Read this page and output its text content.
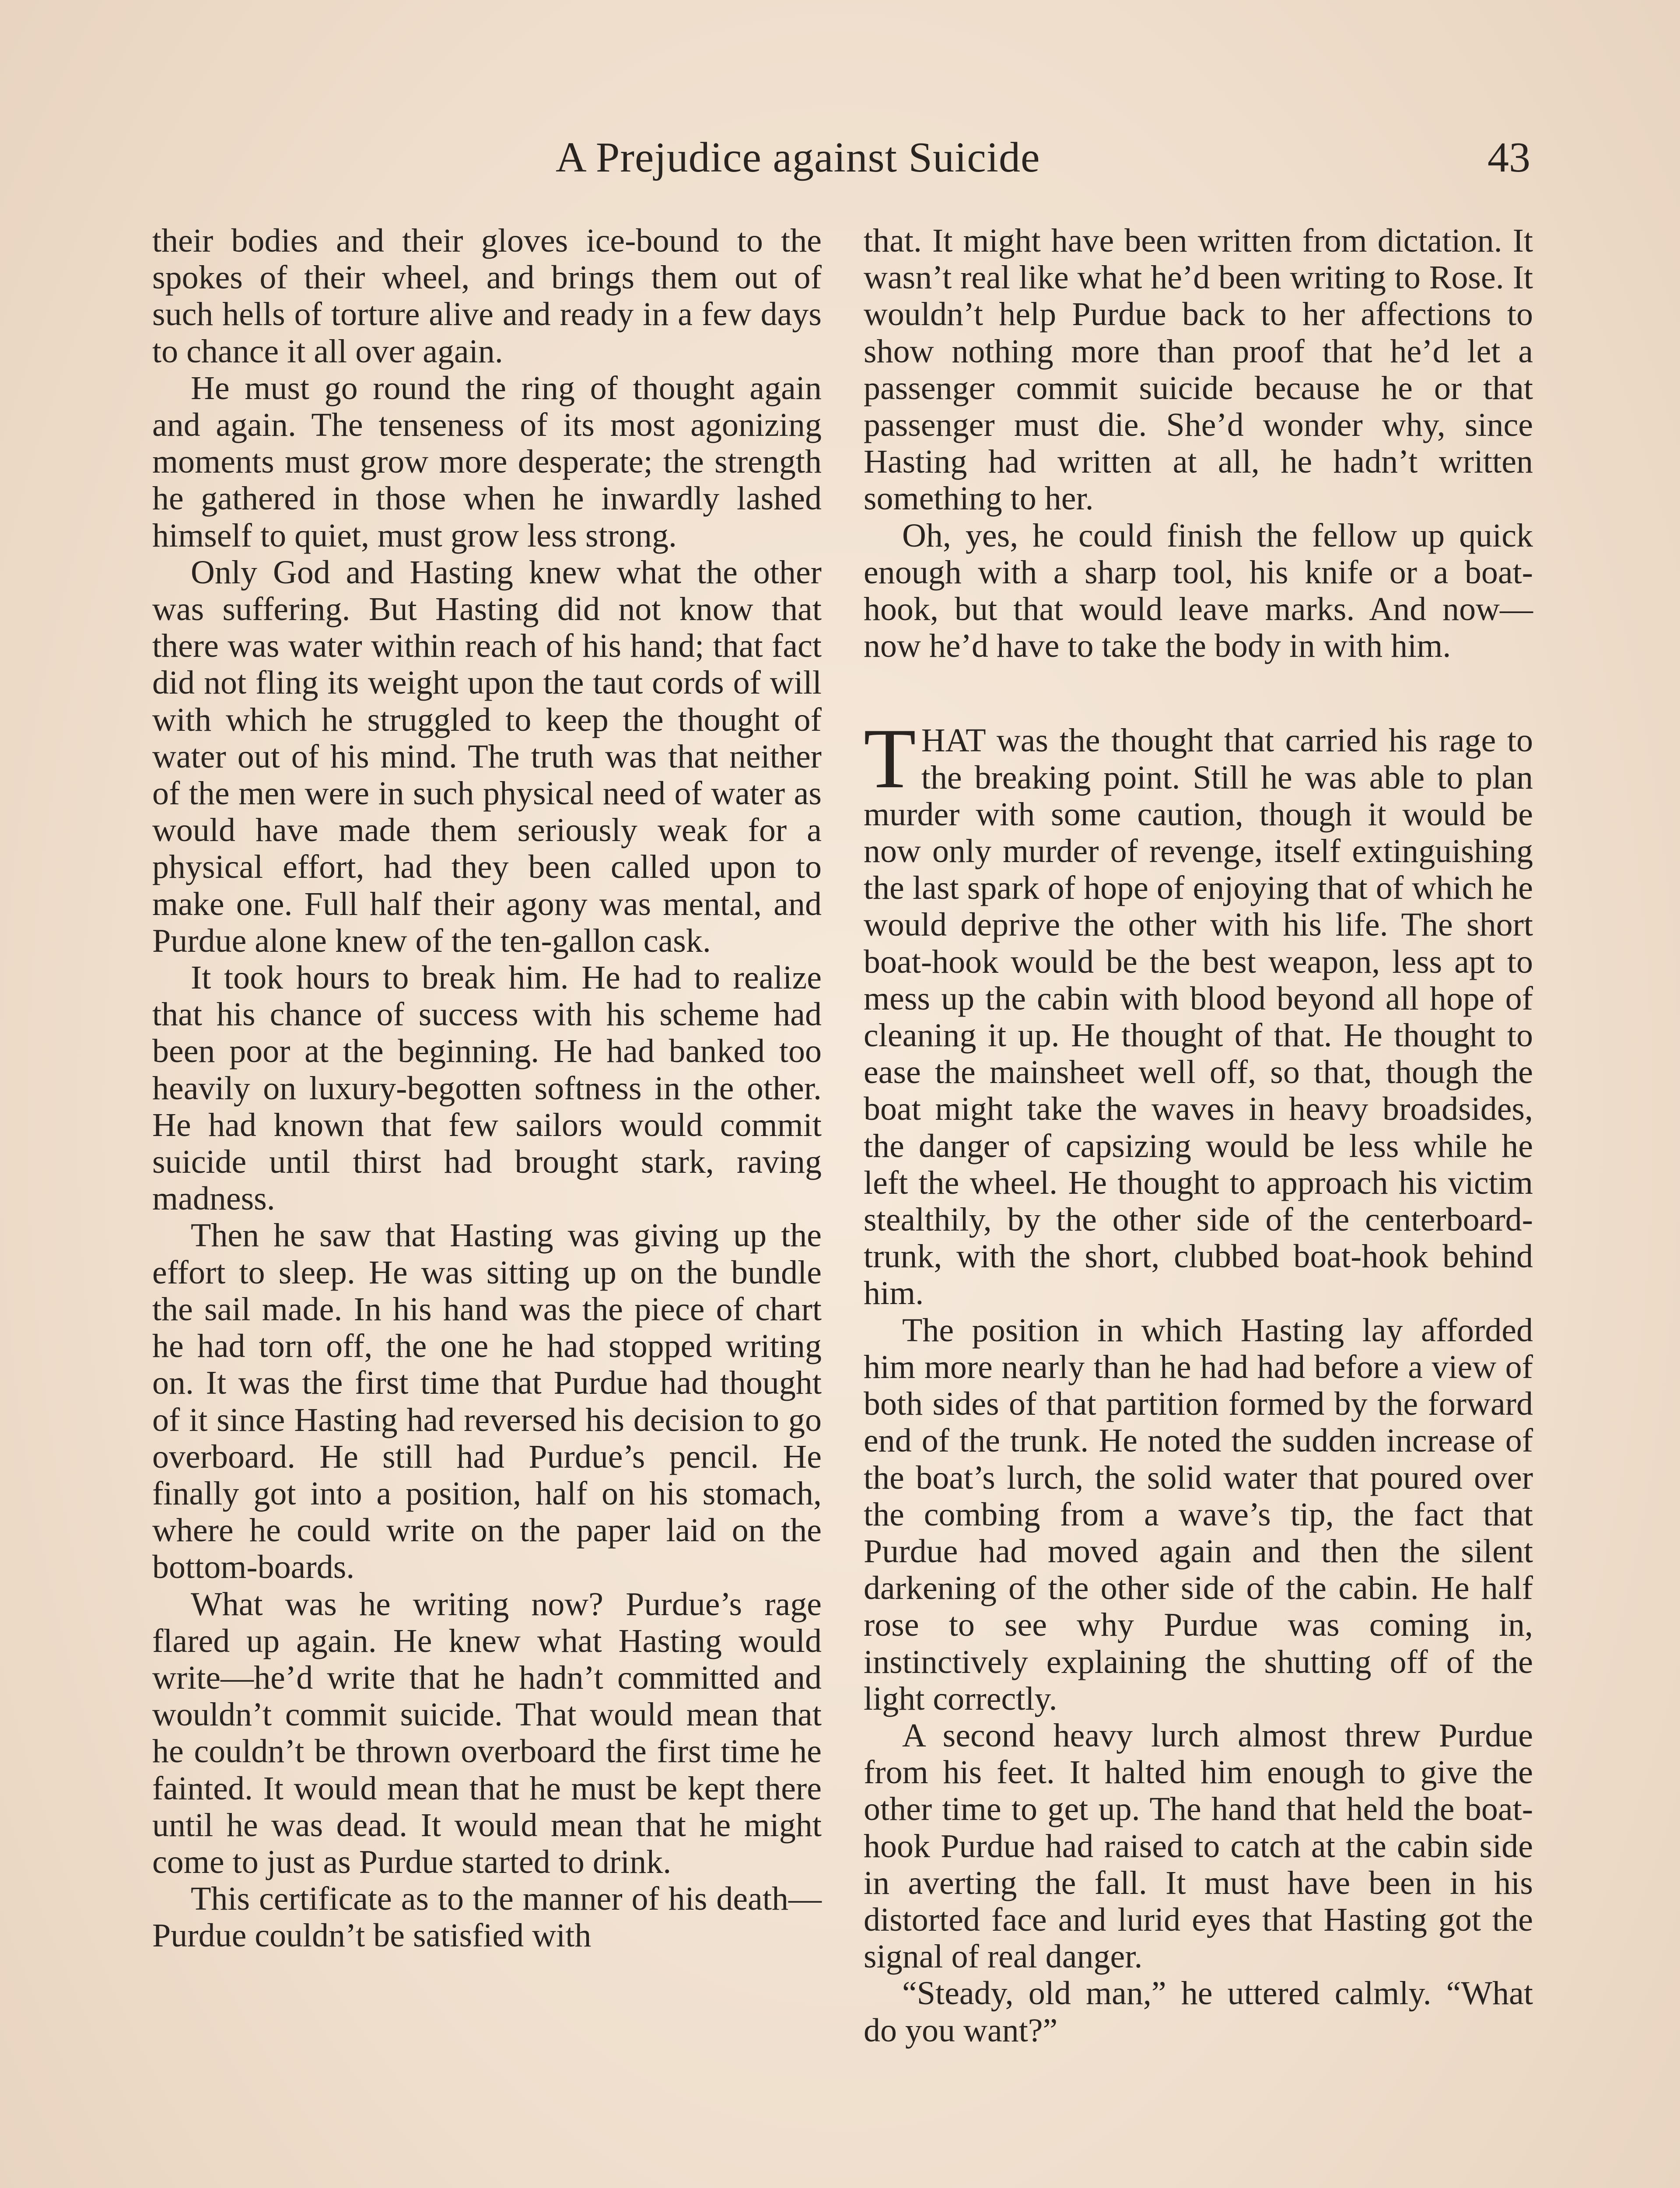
A Prejudice against Suicide	43

their bodies and their gloves ice-bound to the spokes of their wheel, and brings them out of such hells of torture alive and ready in a few days to chance it all over again.

He must go round the ring of thought again and again. The tenseness of its most agonizing moments must grow more desperate; the strength he gathered in those when he inwardly lashed himself to quiet, must grow less strong.

Only God and Hasting knew what the other was suffering. But Hasting did not know that there was water within reach of his hand; that fact did not fling its weight upon the taut cords of will with which he struggled to keep the thought of water out of his mind. The truth was that neither of the men were in such physical need of water as would have made them seriously weak for a physical effort, had they been called upon to make one. Full half their agony was mental, and Purdue alone knew of the ten-gallon cask.

It took hours to break him. He had to realize that his chance of success with his scheme had been poor at the beginning. He had banked too heavily on luxury-begotten softness in the other. He had known that few sailors would commit suicide until thirst had brought stark, raving madness.

Then he saw that Hasting was giving up the effort to sleep. He was sitting up on the bundle the sail made. In his hand was the piece of chart he had torn off, the one he had stopped writing on. It was the first time that Purdue had thought of it since Hasting had reversed his decision to go overboard. He still had Purdue’s pencil. He finally got into a position, half on his stomach, where he could write on the paper laid on the bottom-boards.

What was he writing now? Purdue’s rage flared up again. He knew what Hasting would write—he’d write that he hadn’t committed and wouldn’t commit suicide. That would mean that he couldn’t be thrown overboard the first time he fainted. It would mean that he must be kept there until he was dead. It would mean that he might come to just as Purdue started to drink.

This certificate as to the manner of his death—Purdue couldn’t be satisfied with

that. It might have been written from dictation. It wasn’t real like what he’d been writing to Rose. It wouldn’t help Purdue back to her affections to show nothing more than proof that he’d let a passenger commit suicide because he or that passenger must die. She’d wonder why, since Hasting had written at all, he hadn’t written something to her.

Oh, yes, he could finish the fellow up quick enough with a sharp tool, his knife or a boat-hook, but that would leave marks. And now—now he’d have to take the body in with him.

THAT was the thought that carried his rage to the breaking point. Still he was able to plan murder with some caution, though it would be now only murder of revenge, itself extinguishing the last spark of hope of enjoying that of which he would deprive the other with his life. The short boat-hook would be the best weapon, less apt to mess up the cabin with blood beyond all hope of cleaning it up. He thought of that. He thought to ease the mainsheet well off, so that, though the boat might take the waves in heavy broadsides, the danger of capsizing would be less while he left the wheel. He thought to approach his victim stealthily, by the other side of the centerboard-trunk, with the short, clubbed boat-hook behind him.

The position in which Hasting lay afforded him more nearly than he had had before a view of both sides of that partition formed by the forward end of the trunk. He noted the sudden increase of the boat’s lurch, the solid water that poured over the combing from a wave’s tip, the fact that Purdue had moved again and then the silent darkening of the other side of the cabin. He half rose to see why Purdue was coming in, instinctively explaining the shutting off of the light correctly.

A second heavy lurch almost threw Purdue from his feet. It halted him enough to give the other time to get up. The hand that held the boat-hook Purdue had raised to catch at the cabin side in averting the fall. It must have been in his distorted face and lurid eyes that Hasting got the signal of real danger.

“Steady, old man,” he uttered calmly. “What do you want?”
